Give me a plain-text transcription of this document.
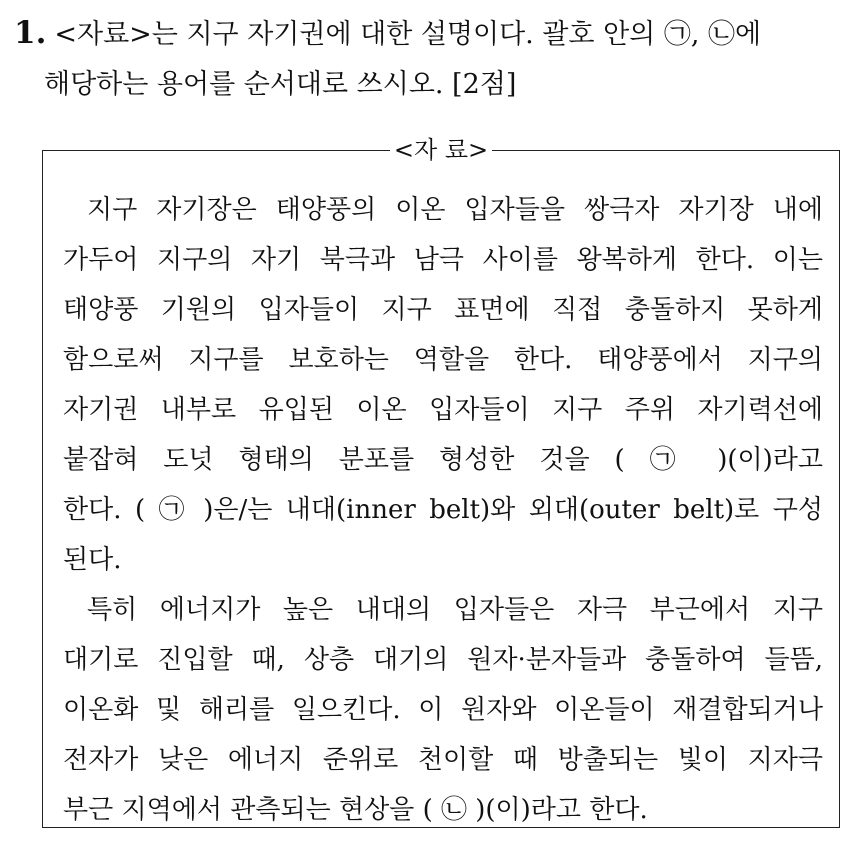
1. <자료>는 지구 자기권에 대한 설명이다. 괄호 안의 ㉠, ㉡에
해당하는 용어를 순서대로 쓰시오. [2점]
<자 료>
지구 자기장은 태양풍의 이온 입자들을 쌍극자 자기장 내에
가두어 지구의 자기 북극과 남극 사이를 왕복하게 한다. 이는
태양풍 기원의 입자들이 지구 표면에 직접 충돌하지 못하게
함으로써 지구를 보호하는 역할을 한다. 태양풍에서 지구의
자기권 내부로 유입된 이온 입자들이 지구 주위 자기력선에
붙잡혀 도넛 형태의 분포를 형성한 것을 ( ㉠ )(이)라고
한다. ( ㉠ )은/는 내대(inner belt)와 외대(outer belt)로 구성
된다.
특히 에너지가 높은 내대의 입자들은 자극 부근에서 지구
대기로 진입할 때, 상층 대기의 원자·분자들과 충돌하여 들뜸,
이온화 및 해리를 일으킨다. 이 원자와 이온들이 재결합되거나
전자가 낮은 에너지 준위로 천이할 때 방출되는 빛이 지자극
부근 지역에서 관측되는 현상을 ( ㉡ )(이)라고 한다.
